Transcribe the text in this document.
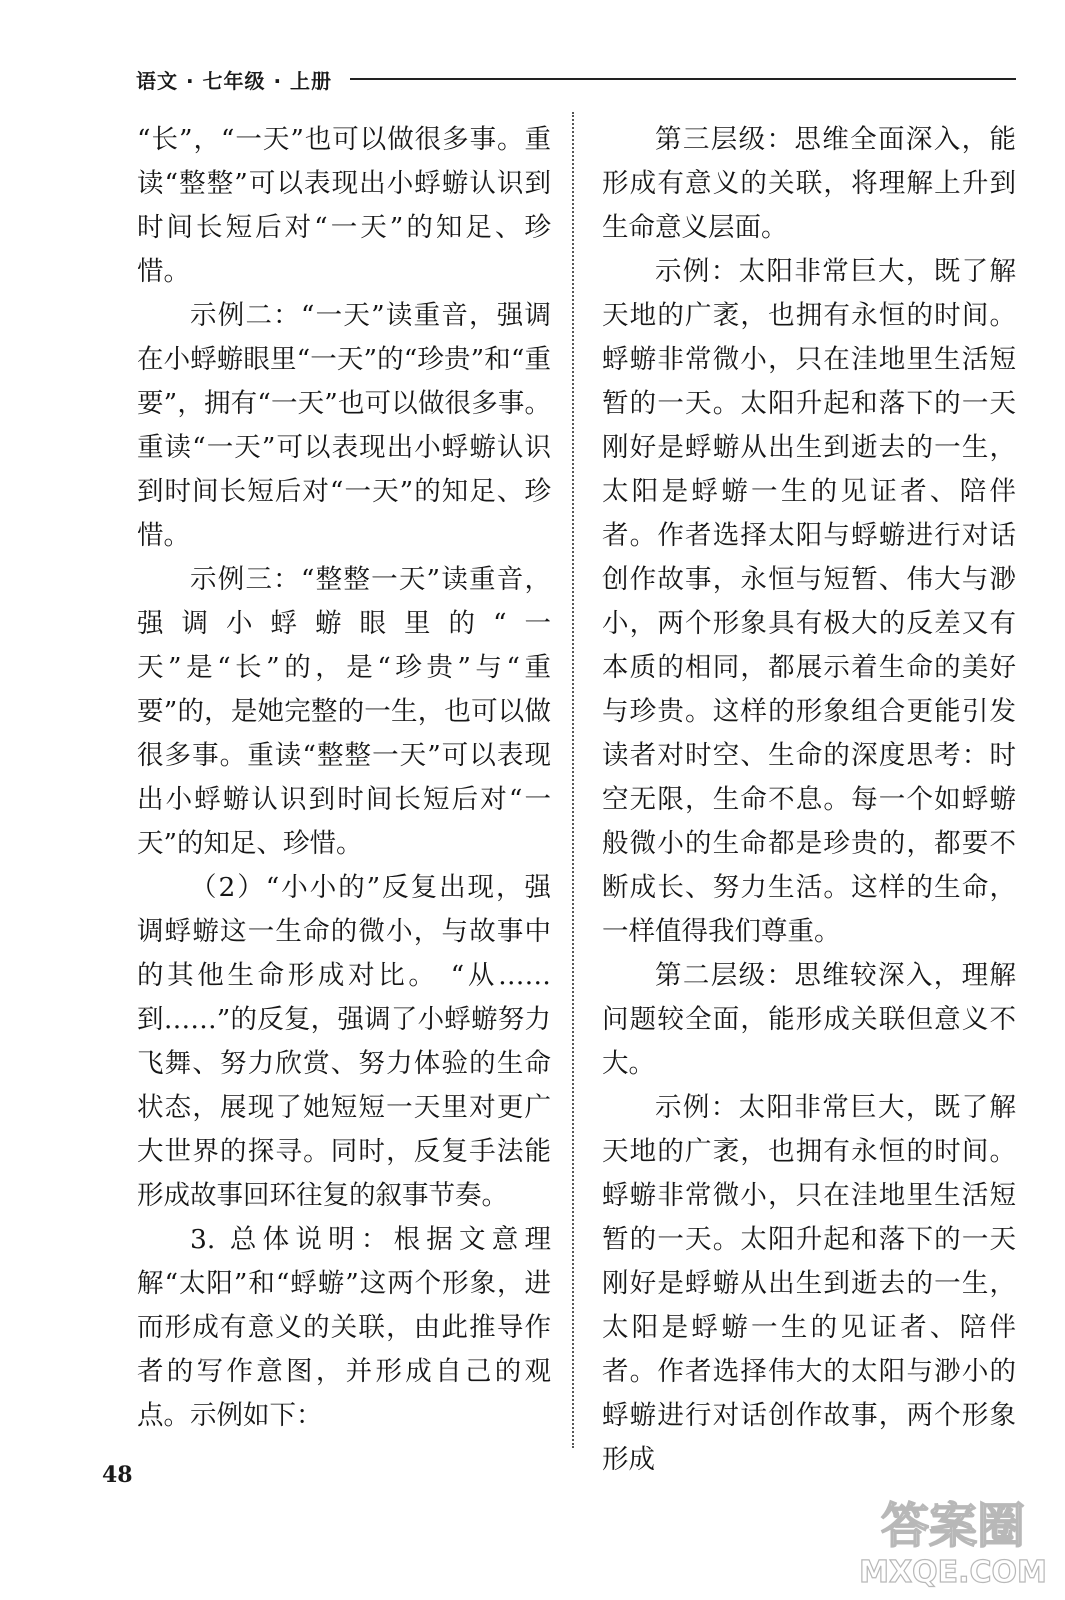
语文 · 七年级 · 上册

“长”，“一天”也可以做很多事。重读“整整”可以表现出小蜉蝣认识到时间长短后对“一天”的知足、珍惜。

示例二：“一天”读重音，强调在小蜉蝣眼里“一天”的“珍贵”和“重要”，拥有“一天”也可以做很多事。重读“一天”可以表现出小蜉蝣认识到时间长短后对“一天”的知足、珍惜。

示例三：“整整一天”读重音，强调小蜉蝣眼里的“一天”是“长”的，是“珍贵”与“重要”的，是她完整的一生，也可以做很多事。重读“整整一天”可以表现出小蜉蝣认识到时间长短后对“一天”的知足、珍惜。

（2）“小小的”反复出现，强调蜉蝣这一生命的微小，与故事中的其他生命形成对比。 “从……到……”的反复，强调了小蜉蝣努力飞舞、努力欣赏、努力体验的生命状态，展现了她短短一天里对更广大世界的探寻。同时，反复手法能形成故事回环往复的叙事节奏。

3. 总体说明：根据文意理解“太阳”和“蜉蝣”这两个形象，进而形成有意义的关联，由此推导作者的写作意图，并形成自己的观点。示例如下：

第三层级：思维全面深入，能形成有意义的关联，将理解上升到生命意义层面。

示例：太阳非常巨大，既了解天地的广袤，也拥有永恒的时间。蜉蝣非常微小，只在洼地里生活短暂的一天。太阳升起和落下的一天刚好是蜉蝣从出生到逝去的一生，太阳是蜉蝣一生的见证者、陪伴者。作者选择太阳与蜉蝣进行对话创作故事，永恒与短暂、伟大与渺小，两个形象具有极大的反差又有本质的相同，都展示着生命的美好与珍贵。这样的形象组合更能引发读者对时空、生命的深度思考：时空无限，生命不息。每一个如蜉蝣般微小的生命都是珍贵的，都要不断成长、努力生活。这样的生命，一样值得我们尊重。

第二层级：思维较深入，理解问题较全面，能形成关联但意义不大。

示例：太阳非常巨大，既了解天地的广袤，也拥有永恒的时间。蜉蝣非常微小，只在洼地里生活短暂的一天。太阳升起和落下的一天刚好是蜉蝣从出生到逝去的一生，太阳是蜉蝣一生的见证者、陪伴者。作者选择伟大的太阳与渺小的蜉蝣进行对话创作故事，两个形象形成

48
答案圈
MXQE.COM
